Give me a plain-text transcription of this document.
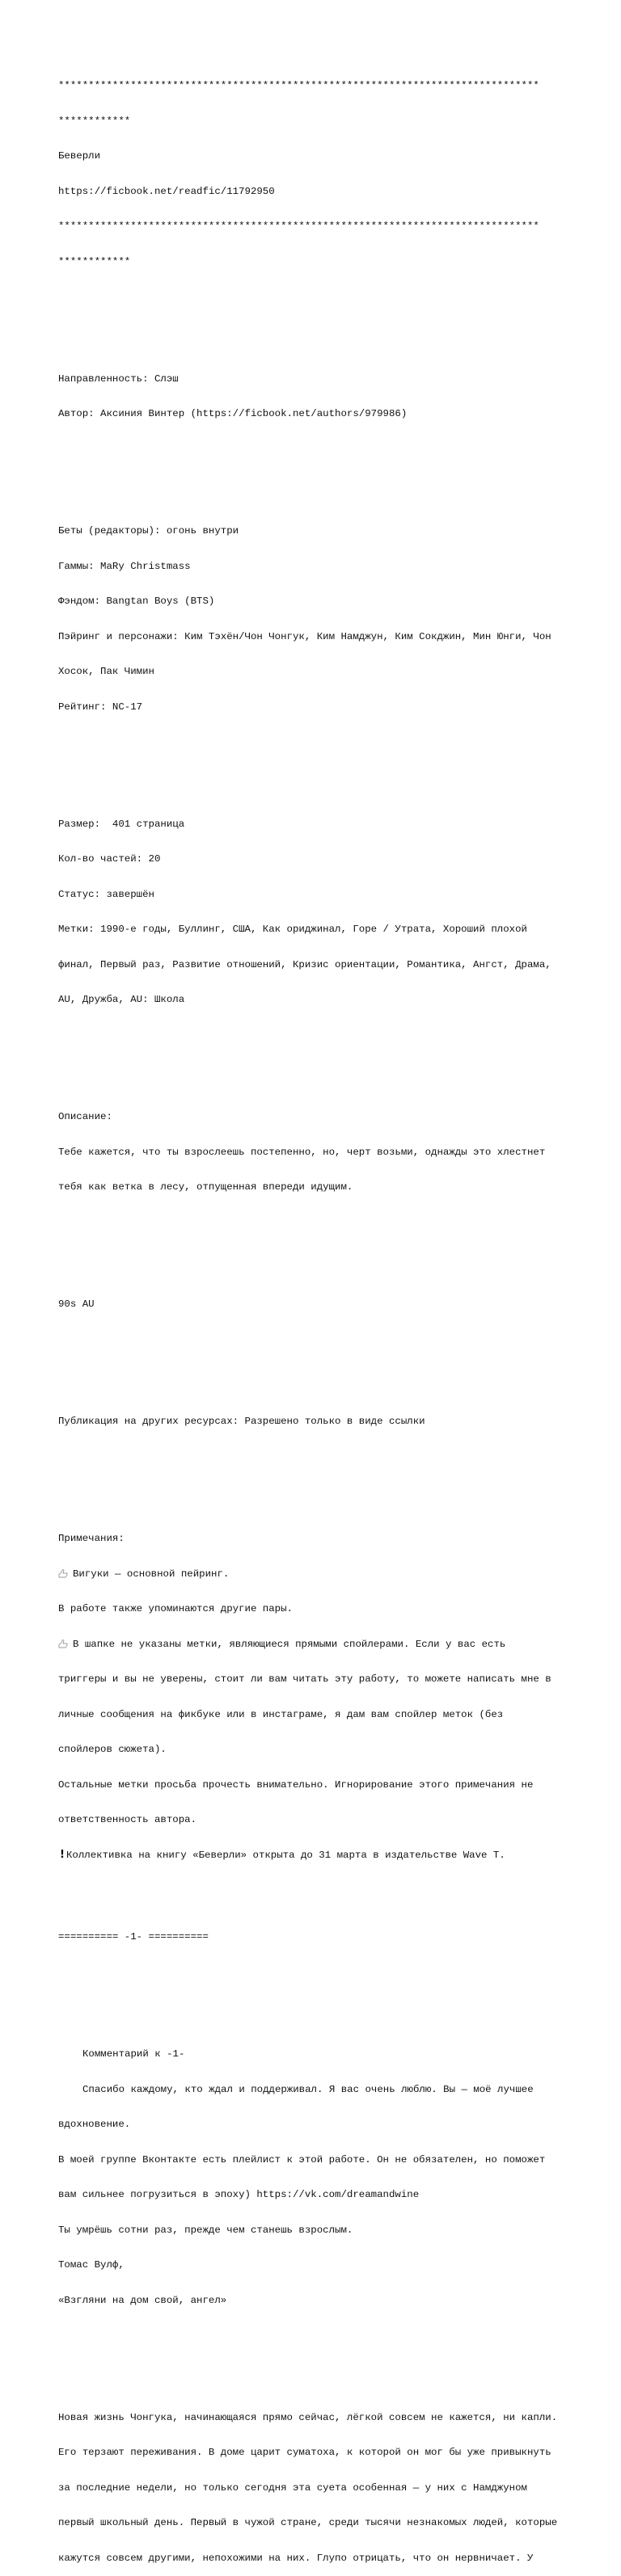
********************************************************************************

************

Беверли

https://ficbook.net/readfic/11792950

********************************************************************************

************

Направленность: Слэш

Автор: Аксиния Винтер (https://ficbook.net/authors/979986)

Беты (редакторы): огонь внутри

Гаммы: MaRy Christmass

Фэндом: Bangtan Boys (BTS)

Пэйринг и персонажи: Ким Тэхён/Чон Чонгук, Ким Намджун, Ким Сокджин, Мин Юнги, Чон

Хосок, Пак Чимин

Рейтинг: NC-17

Размер:  401 страница

Кол-во частей: 20

Статус: завершён

Метки: 1990-е годы, Буллинг, США, Как ориджинал, Горе / Утрата, Хороший плохой

финал, Первый раз, Развитие отношений, Кризис ориентации, Романтика, Ангст, Драма,

AU, Дружба, AU: Школа

Описание:

Тебе кажется, что ты взрослеешь постепенно, но, черт возьми, однажды это хлестнет

тебя как ветка в лесу, отпущенная впереди идущим.

90s AU

Публикация на других ресурсах: Разрешено только в виде ссылки

Примечания:

Вигуки — основной пейринг.

В работе также упоминаются другие пары.

В шапке не указаны метки, являющиеся прямыми спойлерами. Если у вас есть

триггеры и вы не уверены, стоит ли вам читать эту работу, то можете написать мне в

личные сообщения на фикбуке или в инстаграме, я дам вам спойлер меток (без

спойлеров сюжета).

Остальные метки просьба прочесть внимательно. Игнорирование этого примечания не

ответственность автора.

! Коллективка на книгу «Беверли» открыта до 31 марта в издательстве Wave T.

========== -1- ==========

Комментарий к -1-

Спасибо каждому, кто ждал и поддерживал. Я вас очень люблю. Вы — моё лучшее

вдохновение.

В моей группе Вконтакте есть плейлист к этой работе. Он не обязателен, но поможет

вам сильнее погрузиться в эпоху) https://vk.com/dreamandwine

Ты умрёшь сотни раз, прежде чем станешь взрослым.

Томас Вулф,

«Взгляни на дом свой, ангел»

Новая жизнь Чонгука, начинающаяся прямо сейчас, лёгкой совсем не кажется, ни капли.

Его терзают переживания. В доме царит суматоха, к которой он мог бы уже привыкнуть

за последние недели, но только сегодня эта суета особенная — у них с Намджуном

первый школьный день. Первый в чужой стране, среди тысячи незнакомых людей, которые

кажутся совсем другими, непохожими на них. Глупо отрицать, что он нервничает. У
